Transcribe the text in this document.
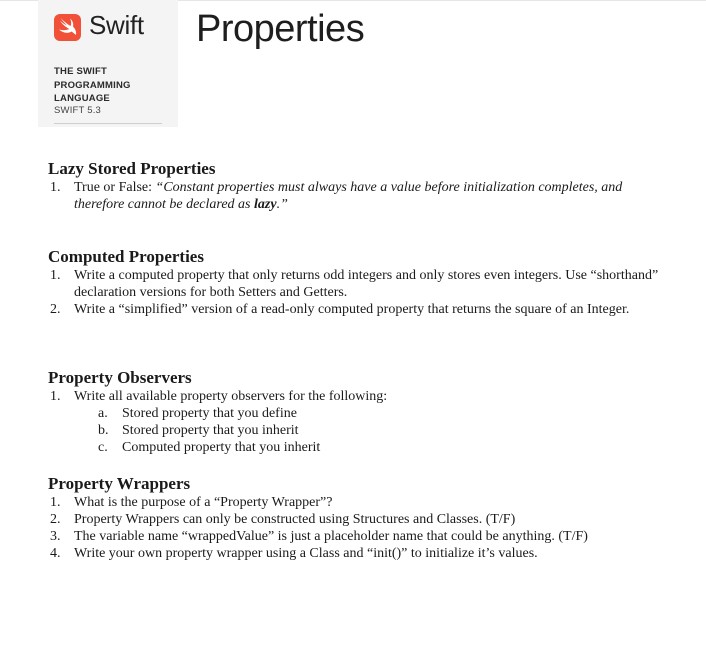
Swift
THE SWIFT
PROGRAMMING
LANGUAGE
SWIFT 5.3
Properties
Lazy Stored Properties
1. True or False: “Constant properties must always have a value before initialization completes, and therefore cannot be declared as lazy.”
Computed Properties
1. Write a computed property that only returns odd integers and only stores even integers. Use “shorthand” declaration versions for both Setters and Getters.
2. Write a “simplified” version of a read-only computed property that returns the square of an Integer.
Property Observers
1. Write all available property observers for the following:
a. Stored property that you define
b. Stored property that you inherit
c. Computed property that you inherit
Property Wrappers
1. What is the purpose of a “Property Wrapper”?
2. Property Wrappers can only be constructed using Structures and Classes. (T/F)
3. The variable name “wrappedValue” is just a placeholder name that could be anything. (T/F)
4. Write your own property wrapper using a Class and “init()” to initialize it’s values.
